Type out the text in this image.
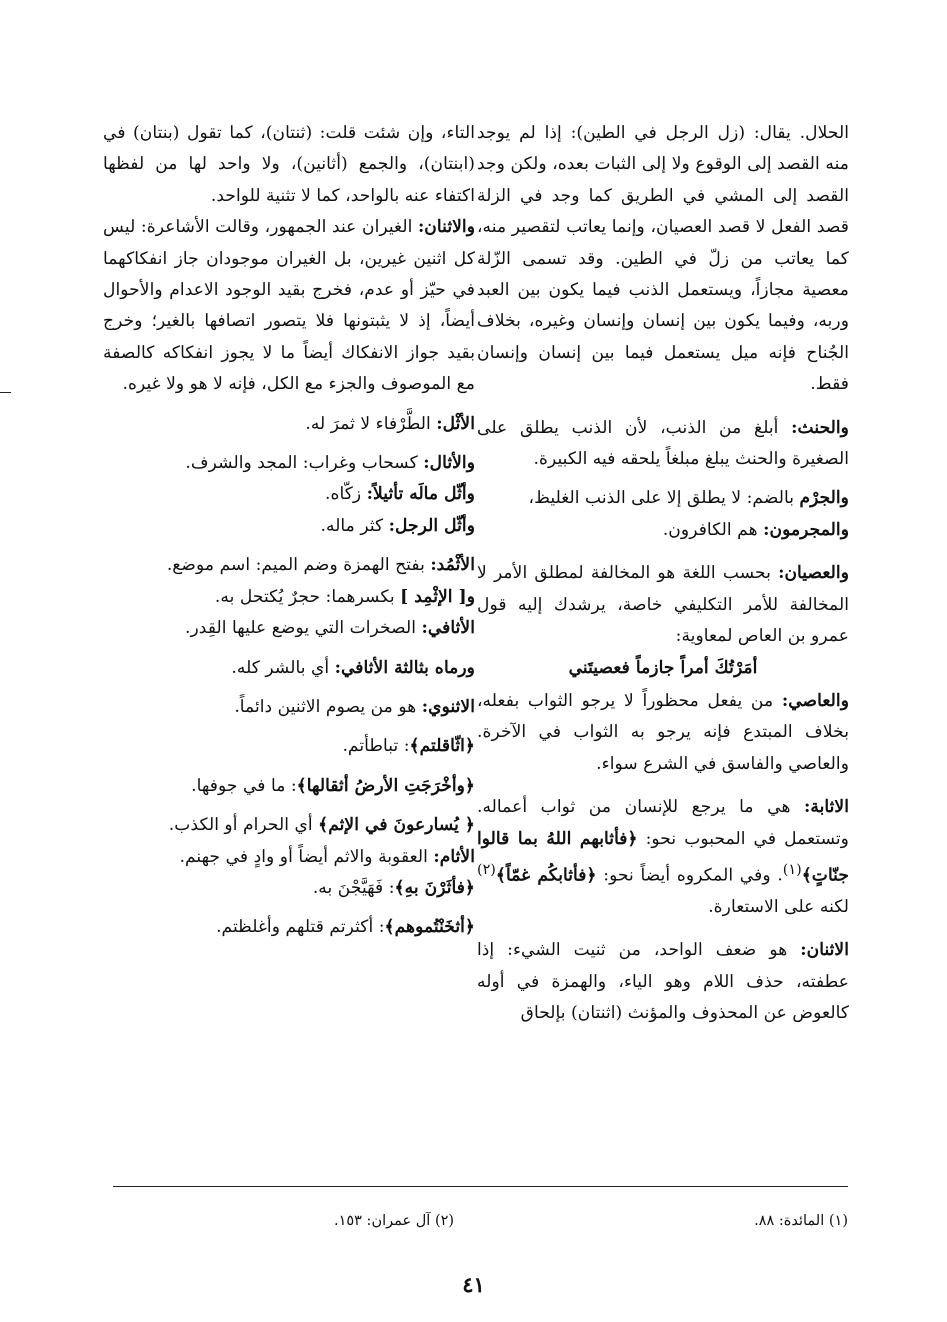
الحلال. يقال: (زل الرجل في الطين): إذا لم يوجد منه القصد إلى الوقوع ولا إلى الثبات بعده، ولكن وجد القصد إلى المشي في الطريق كما وجد في الزلة قصد الفعل لا قصد العصيان، وإنما يعاتب لتقصير منه، كما يعاتب من زلّ في الطين. وقد تسمى الزّلة معصية مجازاً، ويستعمل الذنب فيما يكون بين العبد وربه، وفيما يكون بين إنسان وإنسان وغيره، بخلاف الجُناح فإنه ميل يستعمل فيما بين إنسان وإنسان فقط.

والحنث: أبلغ من الذنب، لأن الذنب يطلق على الصغيرة والحنث يبلغ مبلغاً يلحقه فيه الكبيرة.

والجرْم بالضم: لا يطلق إلا على الذنب الغليظ،

والمجرمون: هم الكافرون.

والعصيان: بحسب اللغة هو المخالفة لمطلق الأمر لا المخالفة للأمر التكليفي خاصة، يرشدك إليه قول عمرو بن العاص لمعاوية:

أمَرْتُكَ أمراً جازماً فعصيتَني

والعاصي: من يفعل محظوراً لا يرجو الثواب بفعله، بخلاف المبتدع فإنه يرجو به الثواب في الآخرة. والعاصي والفاسق في الشرع سواء.

الاثابة: هي ما يرجع للإنسان من ثواب أعماله. وتستعمل في المحبوب نحو: ﴿فأثابهم اللهُ بما قالوا جنّاتٍ﴾$^{(١)}$. وفي المكروه أيضاً نحو: ﴿فأثابكُم غمّاً﴾$^{(٢)}$ لكنه على الاستعارة.

الاثنان: هو ضعف الواحد، من ثنيت الشيء: إذا عطفته، حذف اللام وهو الياء، والهمزة في أوله كالعوض عن المحذوف والمؤنث (اثنتان) بإلحاق

التاء، وإن شئت قلت: (ثنتان)، كما تقول (بنتان) في (ابنتان)، والجمع (أثانين)، ولا واحد لها من لفظها اكتفاء عنه بالواحد، كما لا تثنية للواحد.

والاثنان: الغيران عند الجمهور، وقالت الأشاعرة: ليس كل اثنين غيرين، بل الغيران موجودان جاز انفكاكهما في حيّز أو عدم، فخرج بقيد الوجود الاعدام والأحوال أيضاً، إذ لا يثبتونها فلا يتصور اتصافها بالغير؛ وخرج بقيد جواز الانفكاك أيضاً ما لا يجوز انفكاكه كالصفة مع الموصوف والجزء مع الكل، فإنه لا هو ولا غيره.

الأثْل: الطَّرْفاء لا ثمرَ له.

والأثال: كسحاب وغراب: المجد والشرف.

وأثّل مالَه تأثيلاً: زكّاه.

وأثّل الرجل: كثر ماله.

الأثْمُد: بفتح الهمزة وضم الميم: اسم موضع.

و[ الإثْمِد ] بكسرهما: حجرٌ يُكتحل به.

الأثافي: الصخرات التي يوضع عليها القِدر.

ورماه بثالثة الأثافي: أي بالشر كله.

الاثنوي: هو من يصوم الاثنين دائماً.

﴿اثّاقلتم﴾: تباطأتم.

﴿وأخْرَجَتِ الأرضُ أثقالها﴾: ما في جوفها.

﴿ يُسارعونَ في الإثم﴾ أي الحرام أو الكذب.

الأثام: العقوبة والاثم أيضاً أو وادٍ في جهنم.

﴿فأثَرْنَ بهِ﴾: فَهَيَّجْنَ به.

﴿أثخَنْتُموهم﴾: أكثرتم قتلهم وأغلظتم.

(١) المائدة: ٨٨.
(٢) آل عمران: ١٥٣.
٤١
